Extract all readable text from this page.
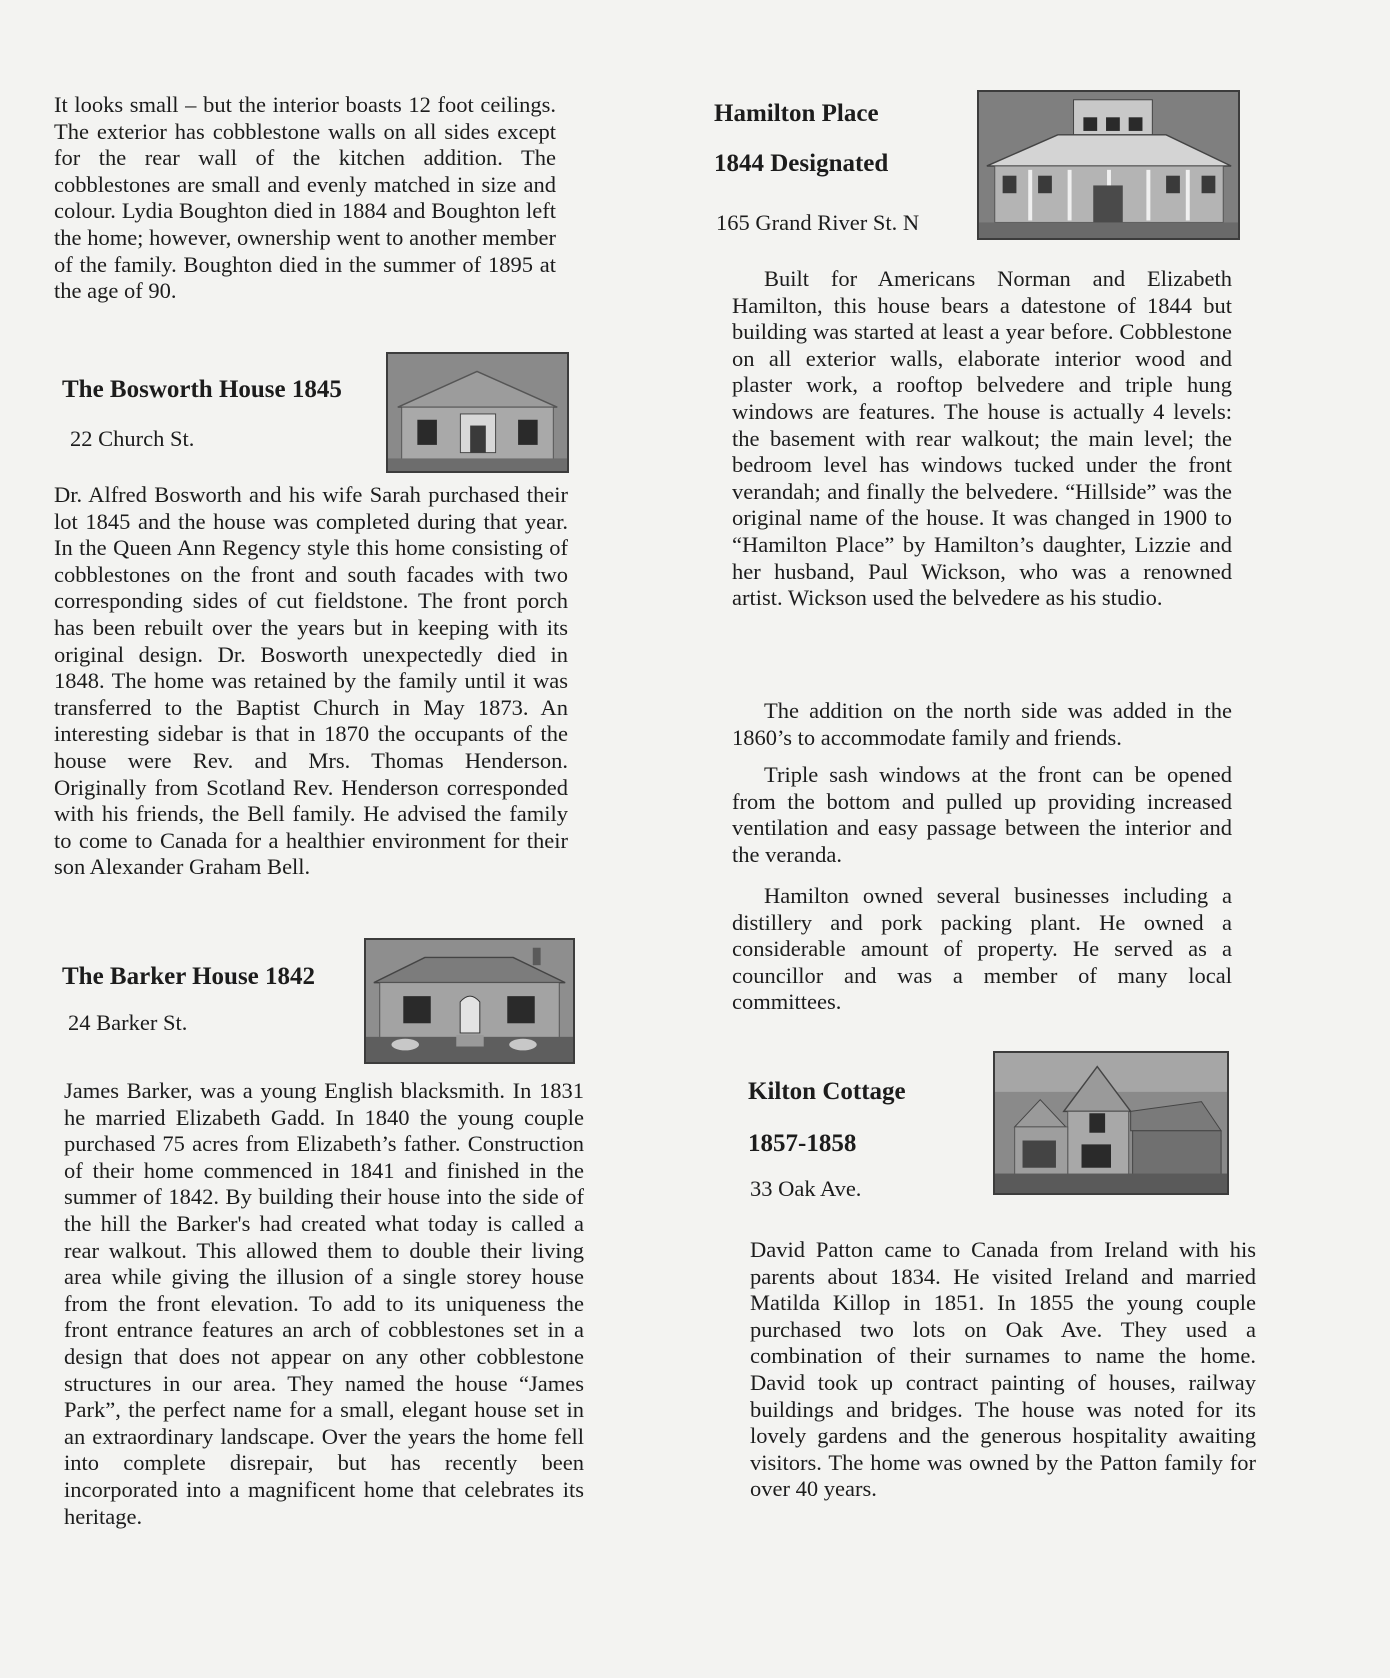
It looks small – but the interior boasts 12 foot ceilings. The exterior has cobblestone walls on all sides except for the rear wall of the kitchen addition. The cobblestones are small and evenly matched in size and colour. Lydia Boughton died in 1884 and Boughton left the home; however, ownership went to another member of the family. Boughton died in the summer of 1895 at the age of 90.

The Bosworth House 1845
22 Church St.

Dr. Alfred Bosworth and his wife Sarah purchased their lot 1845 and the house was completed during that year. In the Queen Ann Regency style this home consisting of cobblestones on the front and south facades with two corresponding sides of cut fieldstone. The front porch has been rebuilt over the years but in keeping with its original design. Dr. Bosworth unexpectedly died in 1848. The home was retained by the family until it was transferred to the Baptist Church in May 1873. An interesting sidebar is that in 1870 the occupants of the house were Rev. and Mrs. Thomas Henderson. Originally from Scotland Rev. Henderson corresponded with his friends, the Bell family. He advised the family to come to Canada for a healthier environment for their son Alexander Graham Bell.

The Barker House 1842
24 Barker St.

James Barker, was a young English blacksmith. In 1831 he married Elizabeth Gadd. In 1840 the young couple purchased 75 acres from Elizabeth’s father. Construction of their home commenced in 1841 and finished in the summer of 1842. By building their house into the side of the hill the Barker's had created what today is called a rear walkout. This allowed them to double their living area while giving the illusion of a single storey house from the front elevation. To add to its uniqueness the front entrance features an arch of cobblestones set in a design that does not appear on any other cobblestone structures in our area. They named the house “James Park”, the perfect name for a small, elegant house set in an extraordinary landscape. Over the years the home fell into complete disrepair, but has recently been incorporated into a magnificent home that celebrates its heritage.

Hamilton Place
1844 Designated
165 Grand River St. N

Built for Americans Norman and Elizabeth Hamilton, this house bears a datestone of 1844 but building was started at least a year before. Cobblestone on all exterior walls, elaborate interior wood and plaster work, a rooftop belvedere and triple hung windows are features. The house is actually 4 levels: the basement with rear walkout; the main level; the bedroom level has windows tucked under the front verandah; and finally the belvedere. “Hillside” was the original name of the house. It was changed in 1900 to “Hamilton Place” by Hamilton’s daughter, Lizzie and her husband, Paul Wickson, who was a renowned artist. Wickson used the belvedere as his studio.

The addition on the north side was added in the 1860’s to accommodate family and friends.

Triple sash windows at the front can be opened from the bottom and pulled up providing increased ventilation and easy passage between the interior and the veranda.

Hamilton owned several businesses including a distillery and pork packing plant. He owned a considerable amount of property. He served as a councillor and was a member of many local committees.

Kilton Cottage
1857-1858
33 Oak Ave.

David Patton came to Canada from Ireland with his parents about 1834. He visited Ireland and married Matilda Killop in 1851. In 1855 the young couple purchased two lots on Oak Ave. They used a combination of their surnames to name the home. David took up contract painting of houses, railway buildings and bridges. The house was noted for its lovely gardens and the generous hospitality awaiting visitors. The home was owned by the Patton family for over 40 years.
